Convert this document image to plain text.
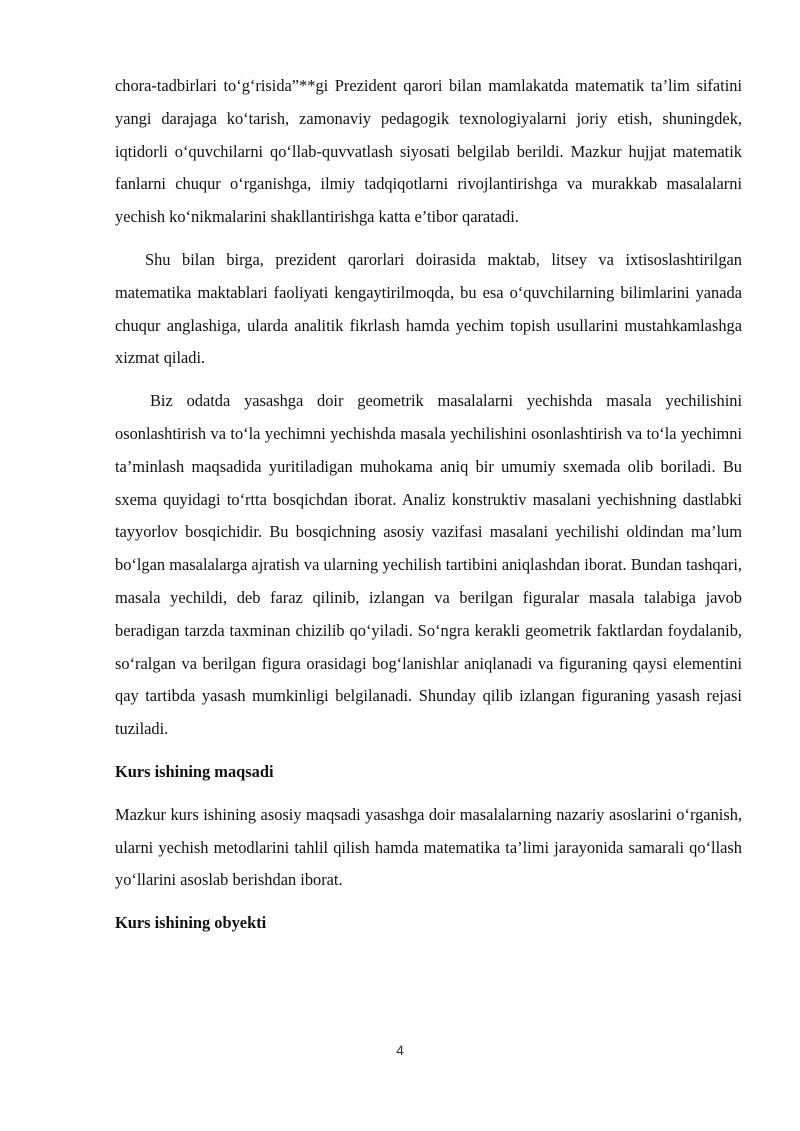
chora-tadbirlari to‘g‘risida”**gi Prezident qarori bilan mamlakatda matematik ta’lim sifatini yangi darajaga ko‘tarish, zamonaviy pedagogik texnologiyalarni joriy etish, shuningdek, iqtidorli o‘quvchilarni qo‘llab-quvvatlash siyosati belgilab berildi. Mazkur hujjat matematik fanlarni chuqur o‘rganishga, ilmiy tadqiqotlarni rivojlantirishga va murakkab masalalarni yechish ko‘nikmalarini shakllantirishga katta e’tibor qaratadi.

Shu bilan birga, prezident qarorlari doirasida maktab, litsey va ixtisoslashtirilgan matematika maktablari faoliyati kengaytirilmoqda, bu esa o‘quvchilarning bilimlarini yanada chuqur anglashiga, ularda analitik fikrlash hamda yechim topish usullarini mustahkamlashga xizmat qiladi.

Biz odatda yasashga doir geometrik masalalarni yechishda masala yechilishini osonlashtirish va to‘la yechimni yechishda masala yechilishini osonlashtirish va to‘la yechimni ta’minlash maqsadida yuritiladigan muhokama aniq bir umumiy sxemada olib boriladi. Bu sxema quyidagi to‘rtta bosqichdan iborat. Analiz konstruktiv masalani yechishning dastlabki tayyorlov bosqichidir. Bu bosqichning asosiy vazifasi masalani yechilishi oldindan ma’lum bo‘lgan masalalarga ajratish va ularning yechilish tartibini aniqlashdan iborat. Bundan tashqari, masala yechildi, deb faraz qilinib, izlangan va berilgan figuralar masala talabiga javob beradigan tarzda taxminan chizilib qo‘yiladi. So‘ngra kerakli geometrik faktlardan foydalanib, so‘ralgan va berilgan figura orasidagi bog‘lanishlar aniqlanadi va figuraning qaysi elementini qay tartibda yasash mumkinligi belgilanadi. Shunday qilib izlangan figuraning yasash rejasi tuziladi.

Kurs ishining maqsadi

Mazkur kurs ishining asosiy maqsadi yasashga doir masalalarning nazariy asoslarini o‘rganish, ularni yechish metodlarini tahlil qilish hamda matematika ta’limi jarayonida samarali qo‘llash yo‘llarini asoslab berishdan iborat.

Kurs ishining obyekti

4
